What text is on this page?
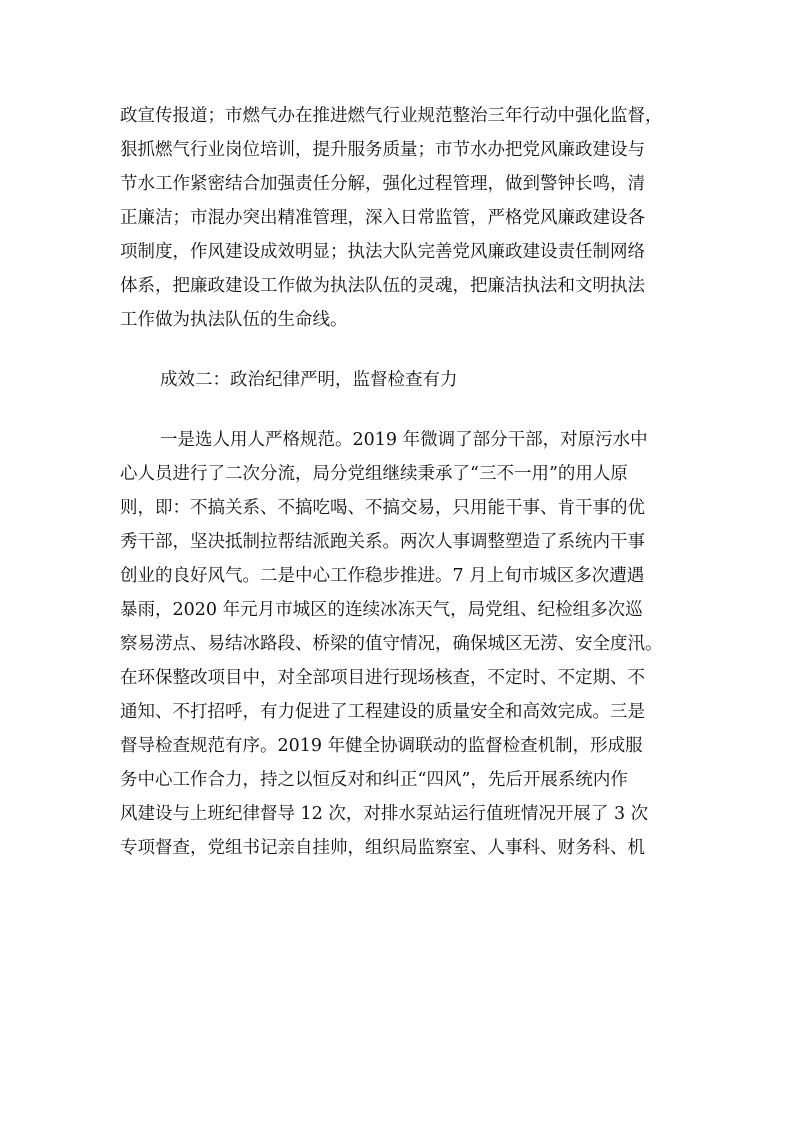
政宣传报道；市燃气办在推进燃气行业规范整治三年行动中强化监督，
狠抓燃气行业岗位培训，提升服务质量；市节水办把党风廉政建设与
节水工作紧密结合加强责任分解，强化过程管理，做到警钟长鸣，清
正廉洁；市混办突出精准管理，深入日常监管，严格党风廉政建设各
项制度，作风建设成效明显；执法大队完善党风廉政建设责任制网络
体系，把廉政建设工作做为执法队伍的灵魂，把廉洁执法和文明执法
工作做为执法队伍的生命线。
成效二：政治纪律严明，监督检查有力
一是选人用人严格规范。2019 年微调了部分干部，对原污水中
心人员进行了二次分流，局分党组继续秉承了“三不一用”的用人原
则，即：不搞关系、不搞吃喝、不搞交易，只用能干事、肯干事的优
秀干部，坚决抵制拉帮结派跑关系。两次人事调整塑造了系统内干事
创业的良好风气。二是中心工作稳步推进。7 月上旬市城区多次遭遇
暴雨，2020 年元月市城区的连续冰冻天气，局党组、纪检组多次巡
察易涝点、易结冰路段、桥梁的值守情况，确保城区无涝、安全度汛。
在环保整改项目中，对全部项目进行现场核查，不定时、不定期、不
通知、不打招呼，有力促进了工程建设的质量安全和高效完成。三是
督导检查规范有序。2019 年健全协调联动的监督检查机制，形成服
务中心工作合力，持之以恒反对和纠正“四风”，先后开展系统内作
风建设与上班纪律督导 12 次，对排水泵站运行值班情况开展了 3 次
专项督查，党组书记亲自挂帅，组织局监察室、人事科、财务科、机
